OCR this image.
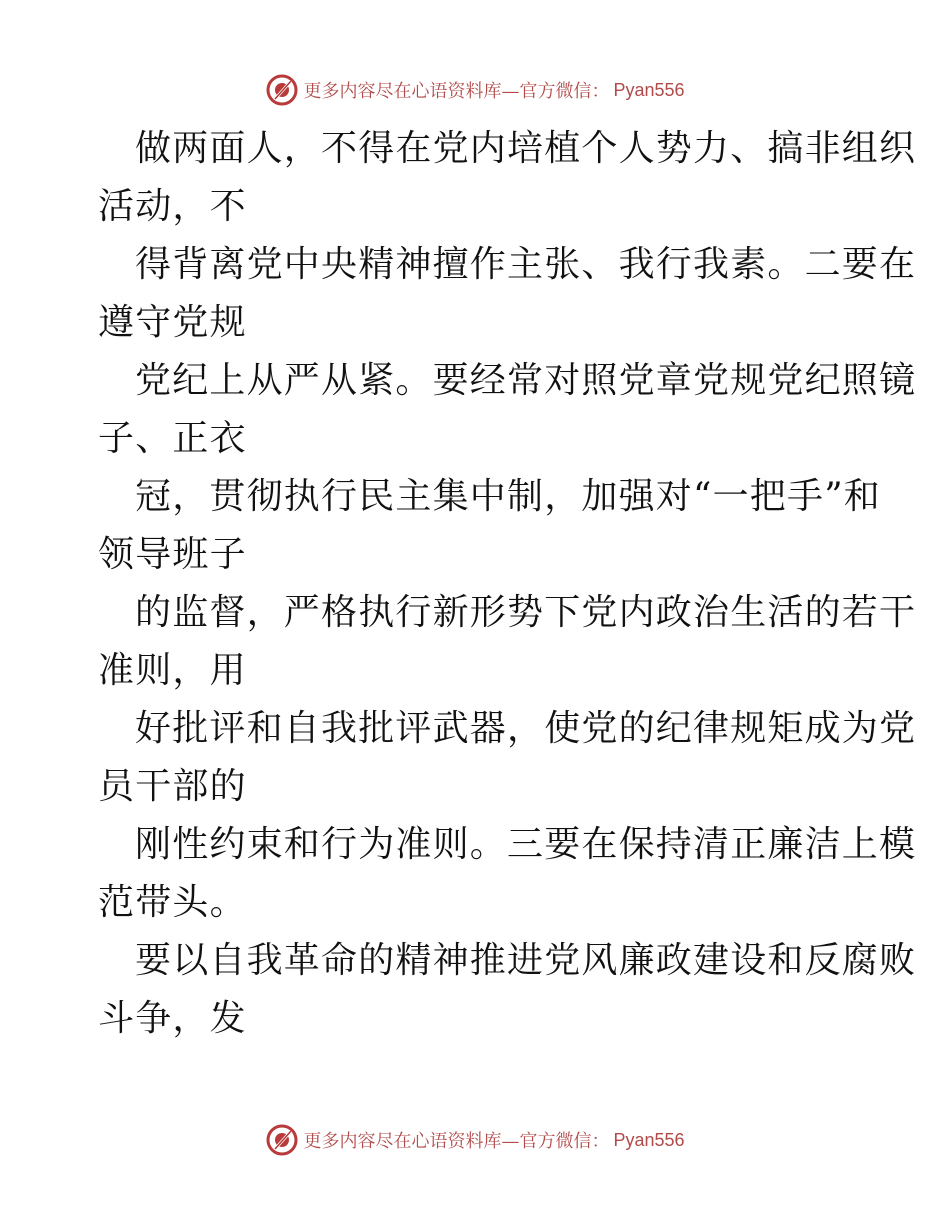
更多内容尽在心语资料库—官方微信： Pyan556

做两面人，不得在党内培植个人势力、搞非组织
活动，不

得背离党中央精神擅作主张、我行我素。二要在
遵守党规

党纪上从严从紧。要经常对照党章党规党纪照镜
子、正衣

冠，贯彻执行民主集中制，加强对“一把手”和
领导班子

的监督，严格执行新形势下党内政治生活的若干
准则，用

好批评和自我批评武器，使党的纪律规矩成为党
员干部的

刚性约束和行为准则。三要在保持清正廉洁上模
范带头。

要以自我革命的精神推进党风廉政建设和反腐败
斗争，发

更多内容尽在心语资料库—官方微信： Pyan556
